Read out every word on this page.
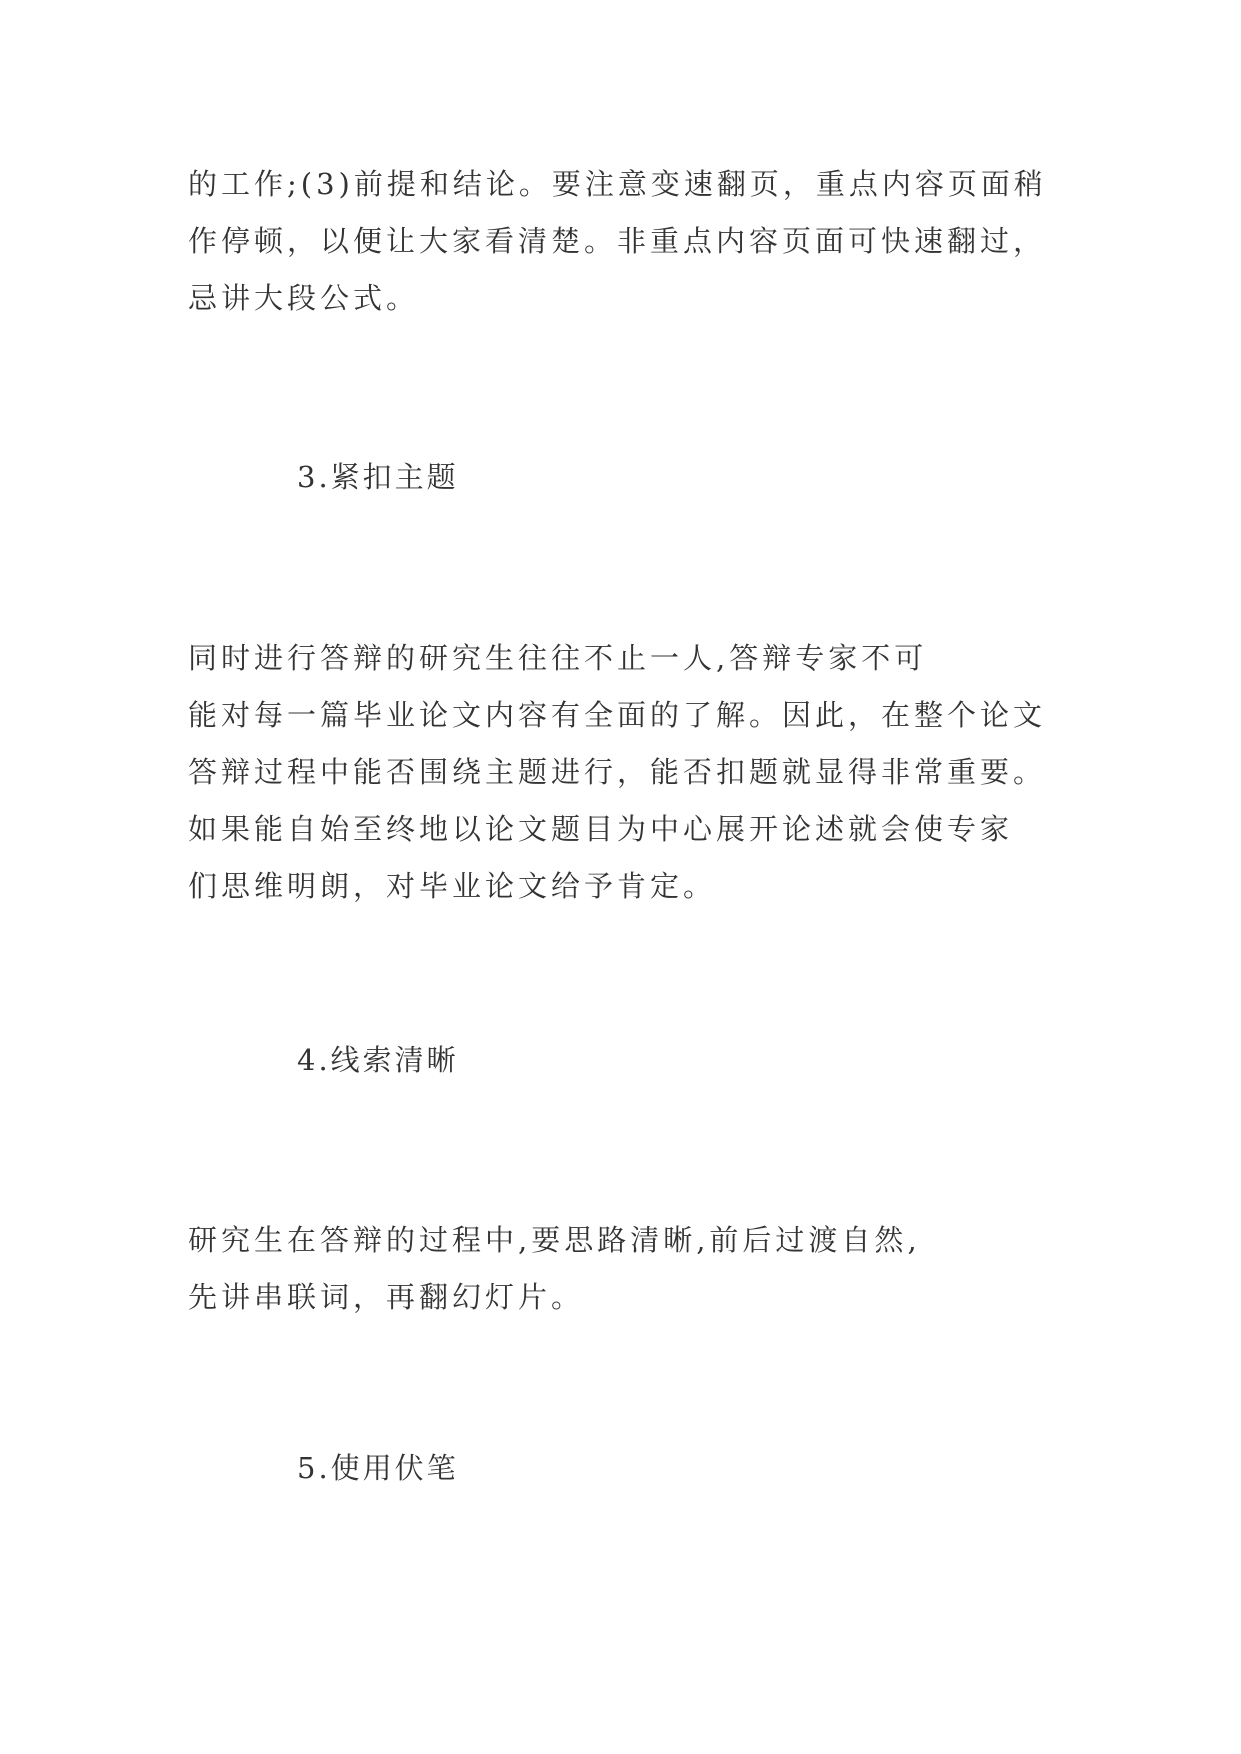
的工作;(3)前提和结论。要注意变速翻页，重点内容页面稍
作停顿，以便让大家看清楚。非重点内容页面可快速翻过，
忌讲大段公式。
3.紧扣主题
同时进行答辩的研究生往往不止一人,答辩专家不可
能对每一篇毕业论文内容有全面的了解。因此，在整个论文
答辩过程中能否围绕主题进行，能否扣题就显得非常重要。
如果能自始至终地以论文题目为中心展开论述就会使专家
们思维明朗，对毕业论文给予肯定。
4.线索清晰
研究生在答辩的过程中,要思路清晰,前后过渡自然,
先讲串联词，再翻幻灯片。
5.使用伏笔
